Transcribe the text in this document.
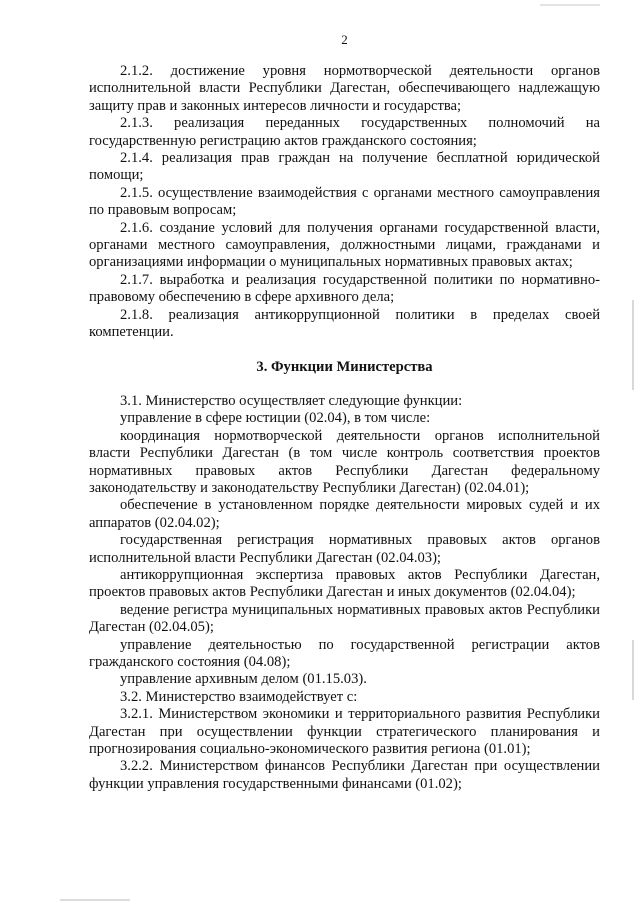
2

2.1.2. достижение уровня нормотворческой деятельности органов исполнительной власти Республики Дагестан, обеспечивающего надлежащую защиту прав и законных интересов личности и государства;

2.1.3. реализация переданных государственных полномочий на государственную регистрацию актов гражданского состояния;

2.1.4. реализация прав граждан на получение бесплатной юридической помощи;

2.1.5. осуществление взаимодействия с органами местного самоуправления по правовым вопросам;

2.1.6. создание условий для получения органами государственной власти, органами местного самоуправления, должностными лицами, гражданами и организациями информации о муниципальных нормативных правовых актах;

2.1.7. выработка и реализация государственной политики по нормативно-правовому обеспечению в сфере архивного дела;

2.1.8. реализация антикоррупционной политики в пределах своей компетенции.

3. Функции Министерства

3.1. Министерство осуществляет следующие функции:

управление в сфере юстиции (02.04), в том числе:

координация нормотворческой деятельности органов исполнительной власти Республики Дагестан (в том числе контроль соответствия проектов нормативных правовых актов Республики Дагестан федеральному законодательству и законодательству Республики Дагестан) (02.04.01);

обеспечение в установленном порядке деятельности мировых судей и их аппаратов (02.04.02);

государственная регистрация нормативных правовых актов органов исполнительной власти Республики Дагестан (02.04.03);

антикоррупционная экспертиза правовых актов Республики Дагестан, проектов правовых актов Республики Дагестан и иных документов (02.04.04);

ведение регистра муниципальных нормативных правовых актов Республики Дагестан (02.04.05);

управление деятельностью по государственной регистрации актов гражданского состояния (04.08);

управление архивным делом (01.15.03).

3.2. Министерство взаимодействует с:

3.2.1. Министерством экономики и территориального развития Республики Дагестан при осуществлении функции стратегического планирования и прогнозирования социально-экономического развития региона (01.01);

3.2.2. Министерством финансов Республики Дагестан при осуществлении функции управления государственными финансами (01.02);
